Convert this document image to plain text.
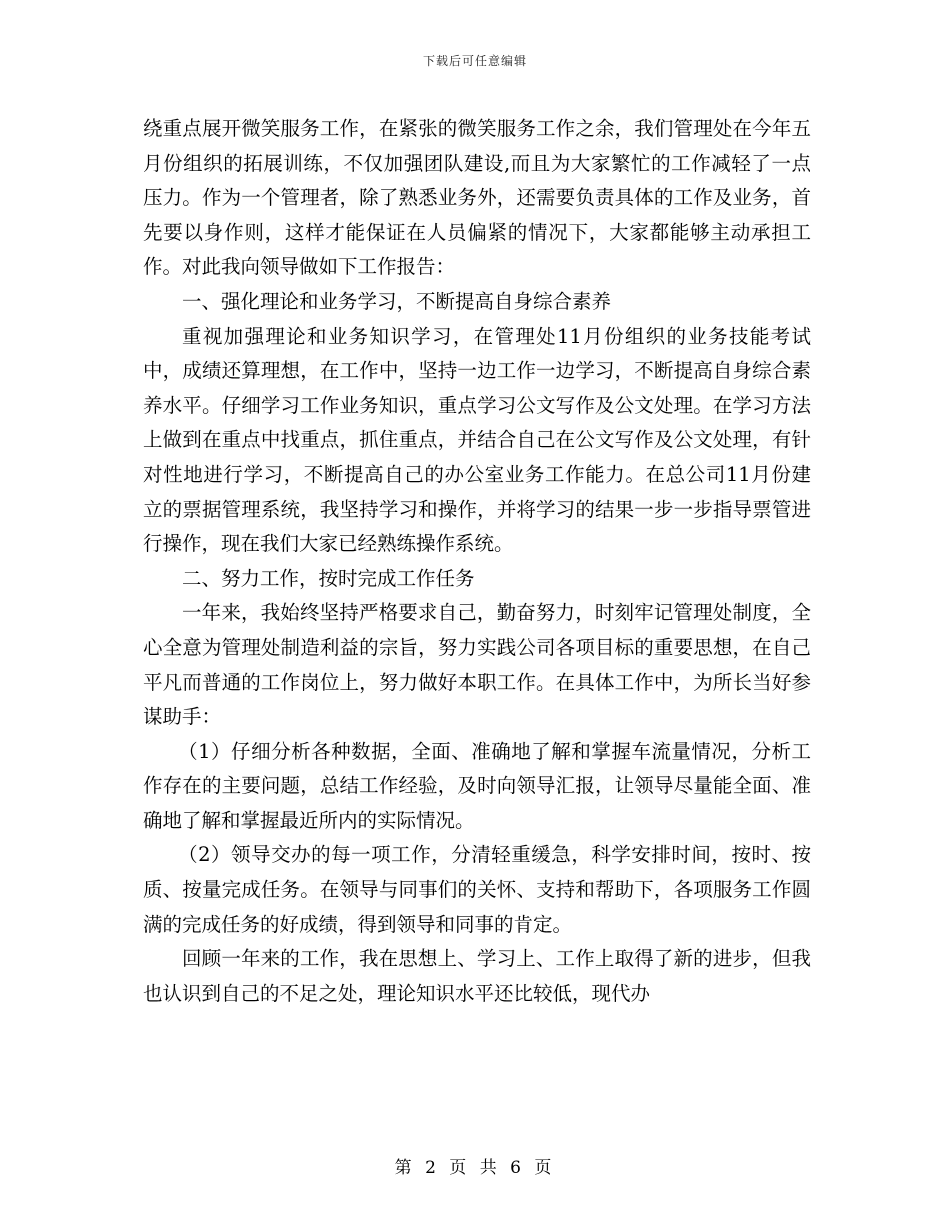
下载后可任意编辑

绕重点展开微笑服务工作，在紧张的微笑服务工作之余，我们管理处在今年五月份组织的拓展训练，不仅加强团队建设,而且为大家繁忙的工作减轻了一点压力。作为一个管理者，除了熟悉业务外，还需要负责具体的工作及业务，首先要以身作则，这样才能保证在人员偏紧的情况下，大家都能够主动承担工作。对此我向领导做如下工作报告：

一、强化理论和业务学习，不断提高自身综合素养

重视加强理论和业务知识学习，在管理处11月份组织的业务技能考试中，成绩还算理想，在工作中，坚持一边工作一边学习，不断提高自身综合素养水平。仔细学习工作业务知识，重点学习公文写作及公文处理。在学习方法上做到在重点中找重点，抓住重点，并结合自己在公文写作及公文处理，有针对性地进行学习，不断提高自己的办公室业务工作能力。在总公司11月份建立的票据管理系统，我坚持学习和操作，并将学习的结果一步一步指导票管进行操作，现在我们大家已经熟练操作系统。

二、努力工作，按时完成工作任务

一年来，我始终坚持严格要求自己，勤奋努力，时刻牢记管理处制度，全心全意为管理处制造利益的宗旨，努力实践公司各项目标的重要思想，在自己平凡而普通的工作岗位上，努力做好本职工作。在具体工作中，为所长当好参谋助手：

（1）仔细分析各种数据，全面、准确地了解和掌握车流量情况，分析工作存在的主要问题，总结工作经验，及时向领导汇报，让领导尽量能全面、准确地了解和掌握最近所内的实际情况。

（2）领导交办的每一项工作，分清轻重缓急，科学安排时间，按时、按质、按量完成任务。在领导与同事们的关怀、支持和帮助下，各项服务工作圆满的完成任务的好成绩，得到领导和同事的肯定。

回顾一年来的工作，我在思想上、学习上、工作上取得了新的进步，但我也认识到自己的不足之处，理论知识水平还比较低，现代办

第 2 页 共 6 页
